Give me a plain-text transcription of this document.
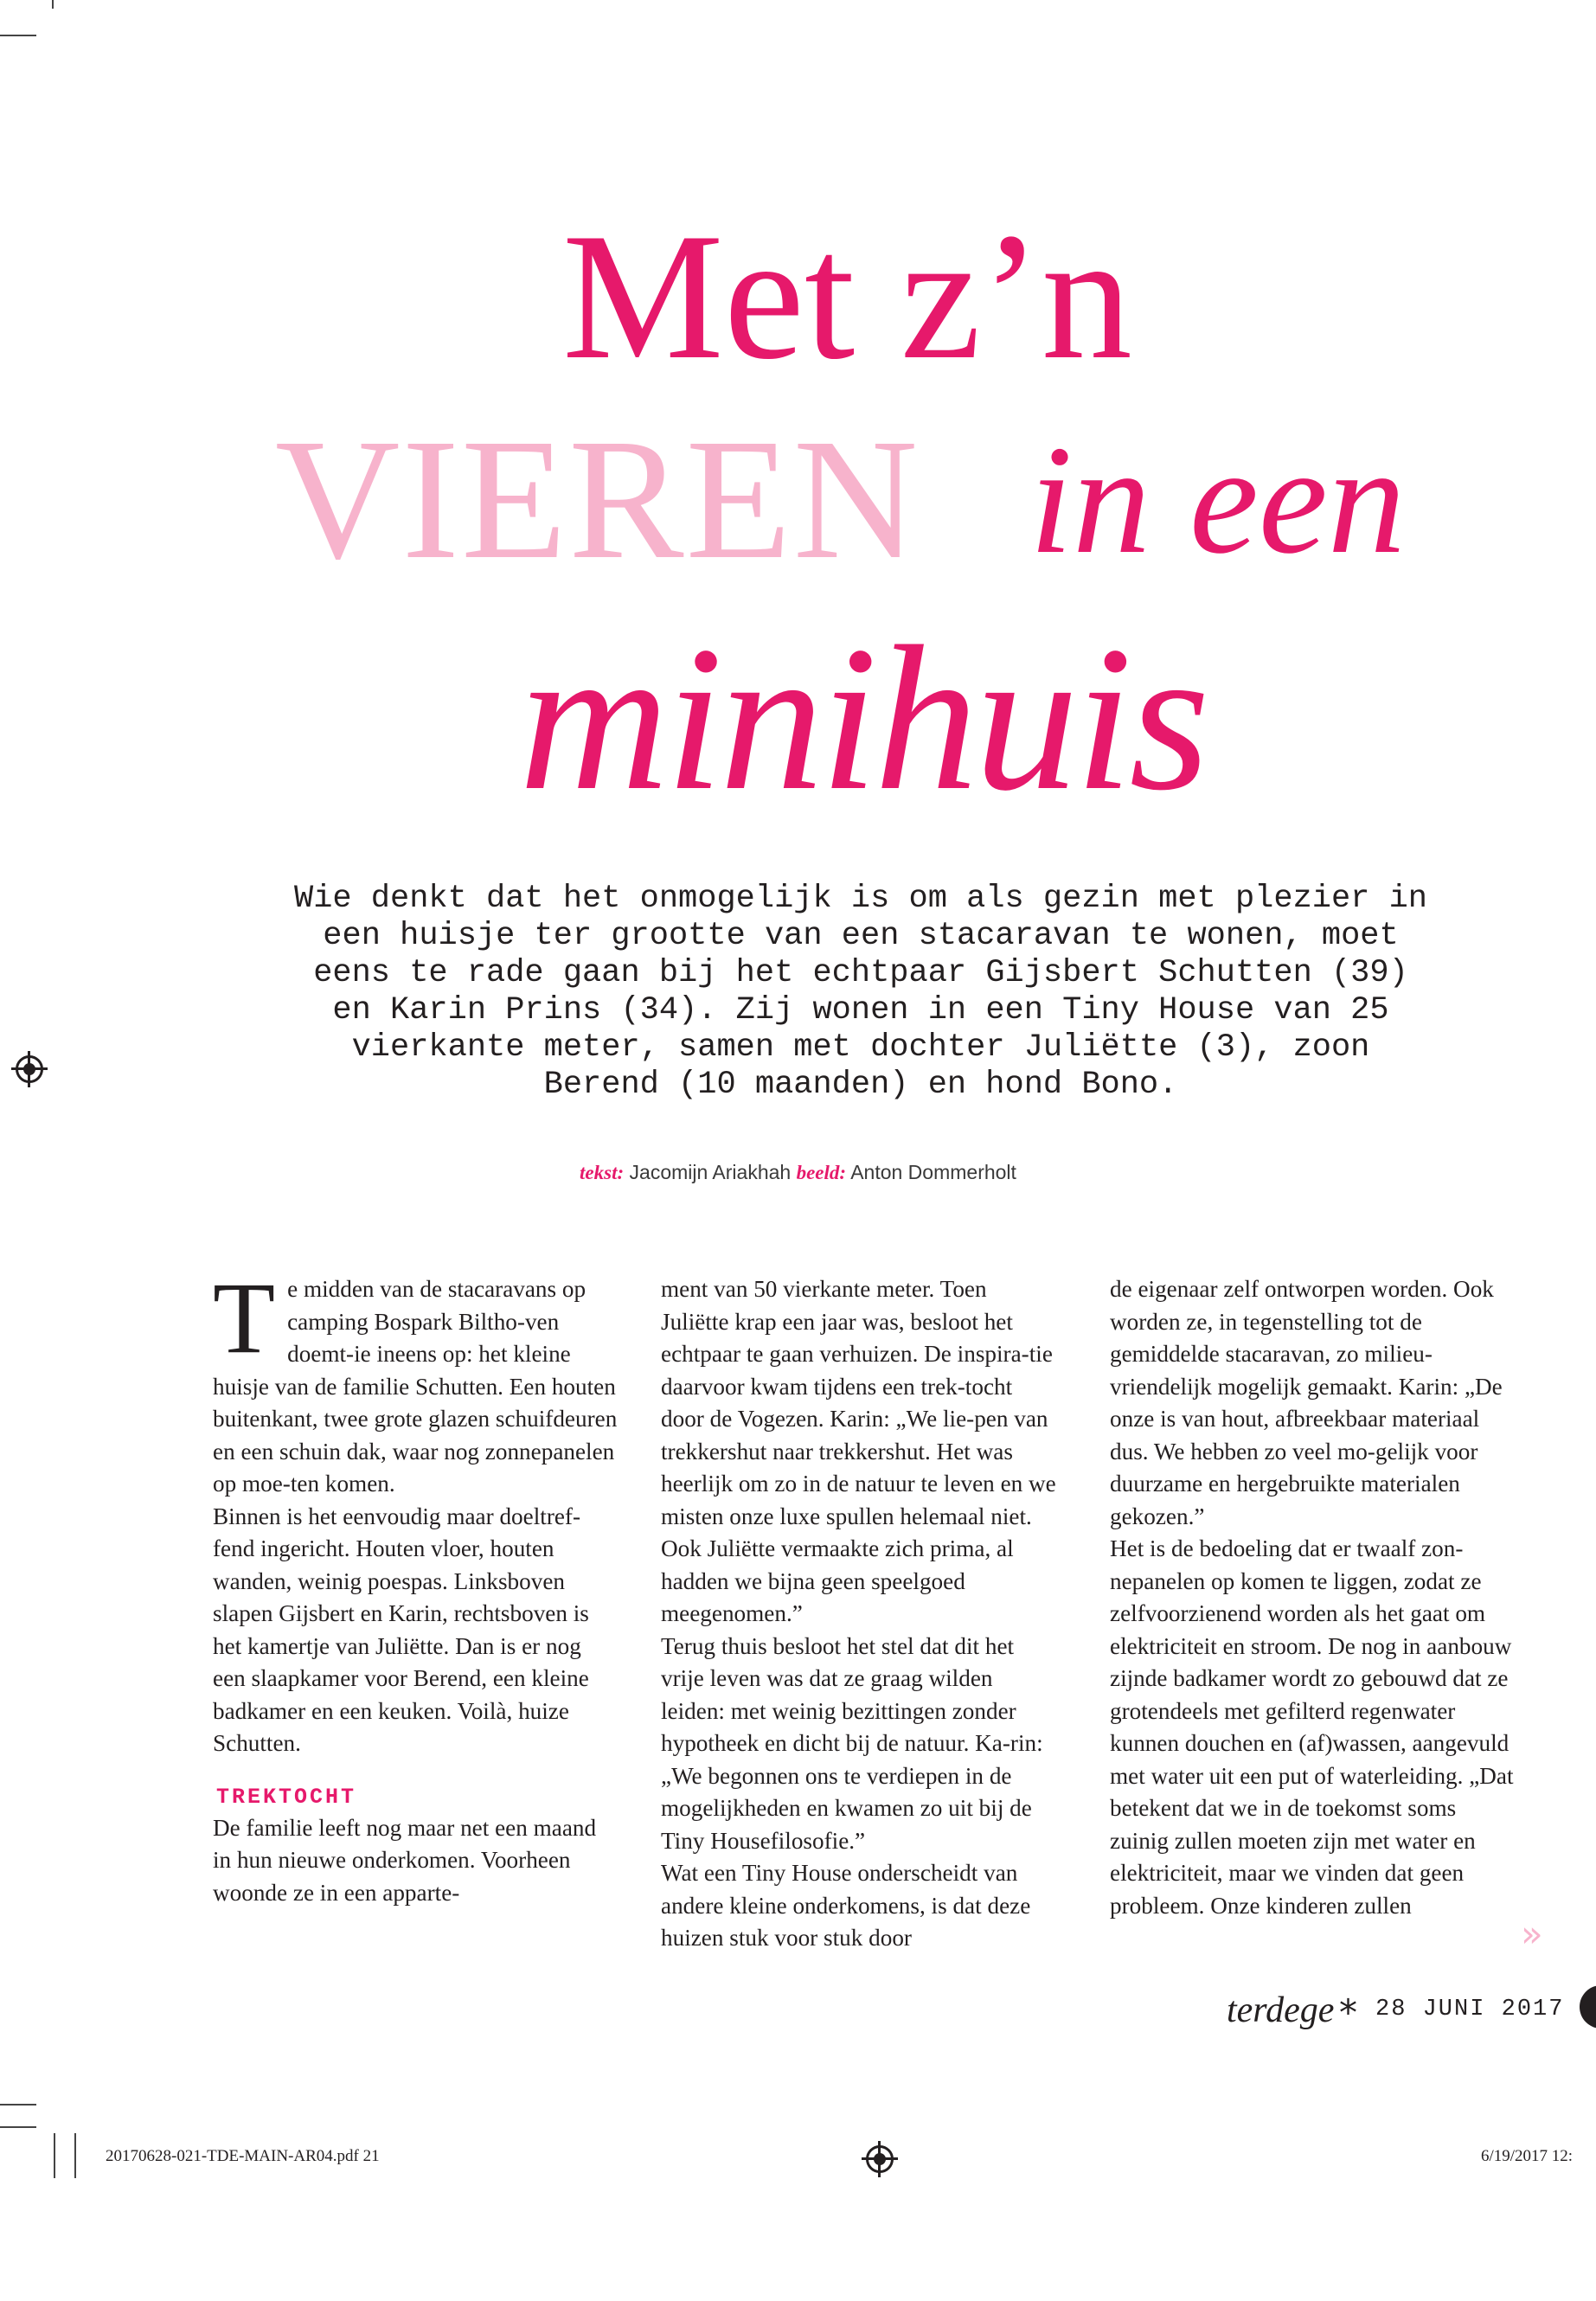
Met z’n
VIEREN in een
minihuis
Wie denkt dat het onmogelijk is om als gezin met plezier in een huisje ter grootte van een stacaravan te wonen, moet eens te rade gaan bij het echtpaar Gijsbert Schutten (39) en Karin Prins (34). Zij wonen in een Tiny House van 25 vierkante meter, samen met dochter Juliëtte (3), zoon Berend (10 maanden) en hond Bono.
tekst: Jacomijn Ariakhah beeld: Anton Dommerholt
T e midden van de stacaravans op camping Bospark Biltho-ven doemt-ie ineens op: het kleine huisje van de familie Schutten. Een houten buitenkant, twee grote glazen schuifdeuren en een schuin dak, waar nog zonnepanelen op moe-ten komen.

Binnen is het eenvoudig maar doeltref-fend ingericht. Houten vloer, houten wanden, weinig poespas. Linksboven slapen Gijsbert en Karin, rechtsboven is het kamertje van Juliëtte. Dan is er nog een slaapkamer voor Berend, een kleine badkamer en een keuken. Voilà, huize Schutten.

TREKTOCHT

De familie leeft nog maar net een maand in hun nieuwe onderkomen. Voorheen woonde ze in een apparte-

ment van 50 vierkante meter. Toen Juliëtte krap een jaar was, besloot het echtpaar te gaan verhuizen. De inspira-tie daarvoor kwam tijdens een trek-tocht door de Vogezen. Karin: „We lie-pen van trekkershut naar trekkershut. Het was heerlijk om zo in de natuur te leven en we misten onze luxe spullen helemaal niet. Ook Juliëtte vermaakte zich prima, al hadden we bijna geen speelgoed meegenomen.”

Terug thuis besloot het stel dat dit het vrije leven was dat ze graag wilden leiden: met weinig bezittingen zonder hypotheek en dicht bij de natuur. Ka-rin: „We begonnen ons te verdiepen in de mogelijkheden en kwamen zo uit bij de Tiny Housefilosofie.”

Wat een Tiny House onderscheidt van andere kleine onderkomens, is dat deze huizen stuk voor stuk door

de eigenaar zelf ontworpen worden. Ook worden ze, in tegenstelling tot de gemiddelde stacaravan, zo milieu-vriendelijk mogelijk gemaakt. Karin: „De onze is van hout, afbreekbaar materiaal dus. We hebben zo veel mo-gelijk voor duurzame en hergebruikte materialen gekozen.”

Het is de bedoeling dat er twaalf zon-nepanelen op komen te liggen, zodat ze zelfvoorzienend worden als het gaat om elektriciteit en stroom. De nog in aanbouw zijnde badkamer wordt zo gebouwd dat ze grotendeels met gefilterd regenwater kunnen douchen en (af)wassen, aangevuld met water uit een put of waterleiding. „Dat betekent dat we in de toekomst soms zuinig zullen moeten zijn met water en elektriciteit, maar we vinden dat geen probleem. Onze kinderen zullen

»
terdege * 28 JUNI 2017
20170628-021-TDE-MAIN-AR04.pdf 21	6/19/2017 12:
